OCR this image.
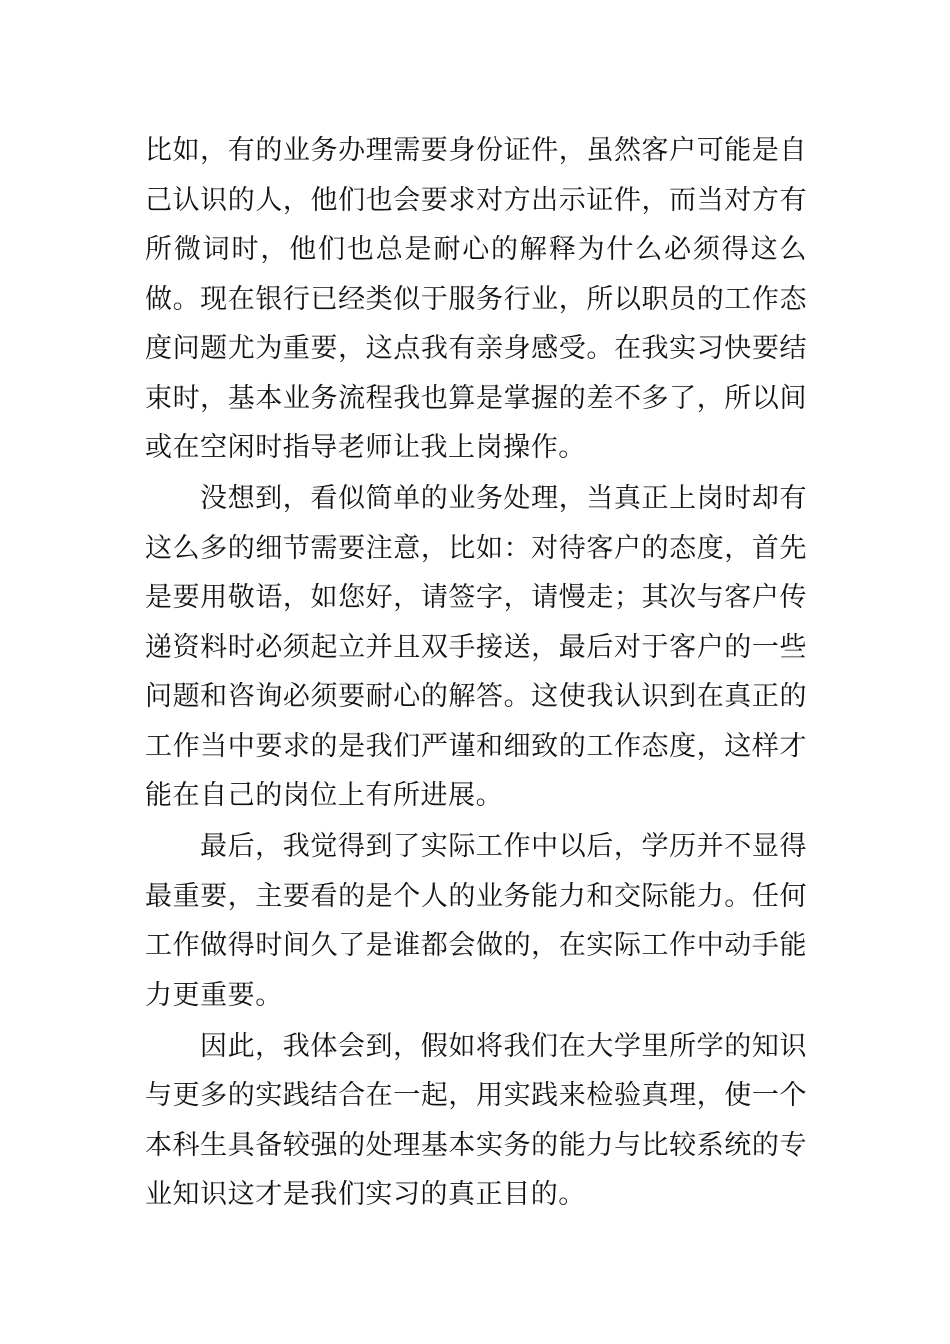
比如，有的业务办理需要身份证件，虽然客户可能是自己认识的人，他们也会要求对方出示证件，而当对方有所微词时，他们也总是耐心的解释为什么必须得这么做。现在银行已经类似于服务行业，所以职员的工作态度问题尤为重要，这点我有亲身感受。在我实习快要结束时，基本业务流程我也算是掌握的差不多了，所以间或在空闲时指导老师让我上岗操作。

没想到，看似简单的业务处理，当真正上岗时却有这么多的细节需要注意，比如：对待客户的态度，首先是要用敬语，如您好，请签字，请慢走；其次与客户传递资料时必须起立并且双手接送，最后对于客户的一些问题和咨询必须要耐心的解答。这使我认识到在真正的工作当中要求的是我们严谨和细致的工作态度，这样才能在自己的岗位上有所进展。

最后，我觉得到了实际工作中以后，学历并不显得最重要，主要看的是个人的业务能力和交际能力。任何工作做得时间久了是谁都会做的，在实际工作中动手能力更重要。

因此，我体会到，假如将我们在大学里所学的知识与更多的实践结合在一起，用实践来检验真理，使一个本科生具备较强的处理基本实务的能力与比较系统的专业知识这才是我们实习的真正目的。
